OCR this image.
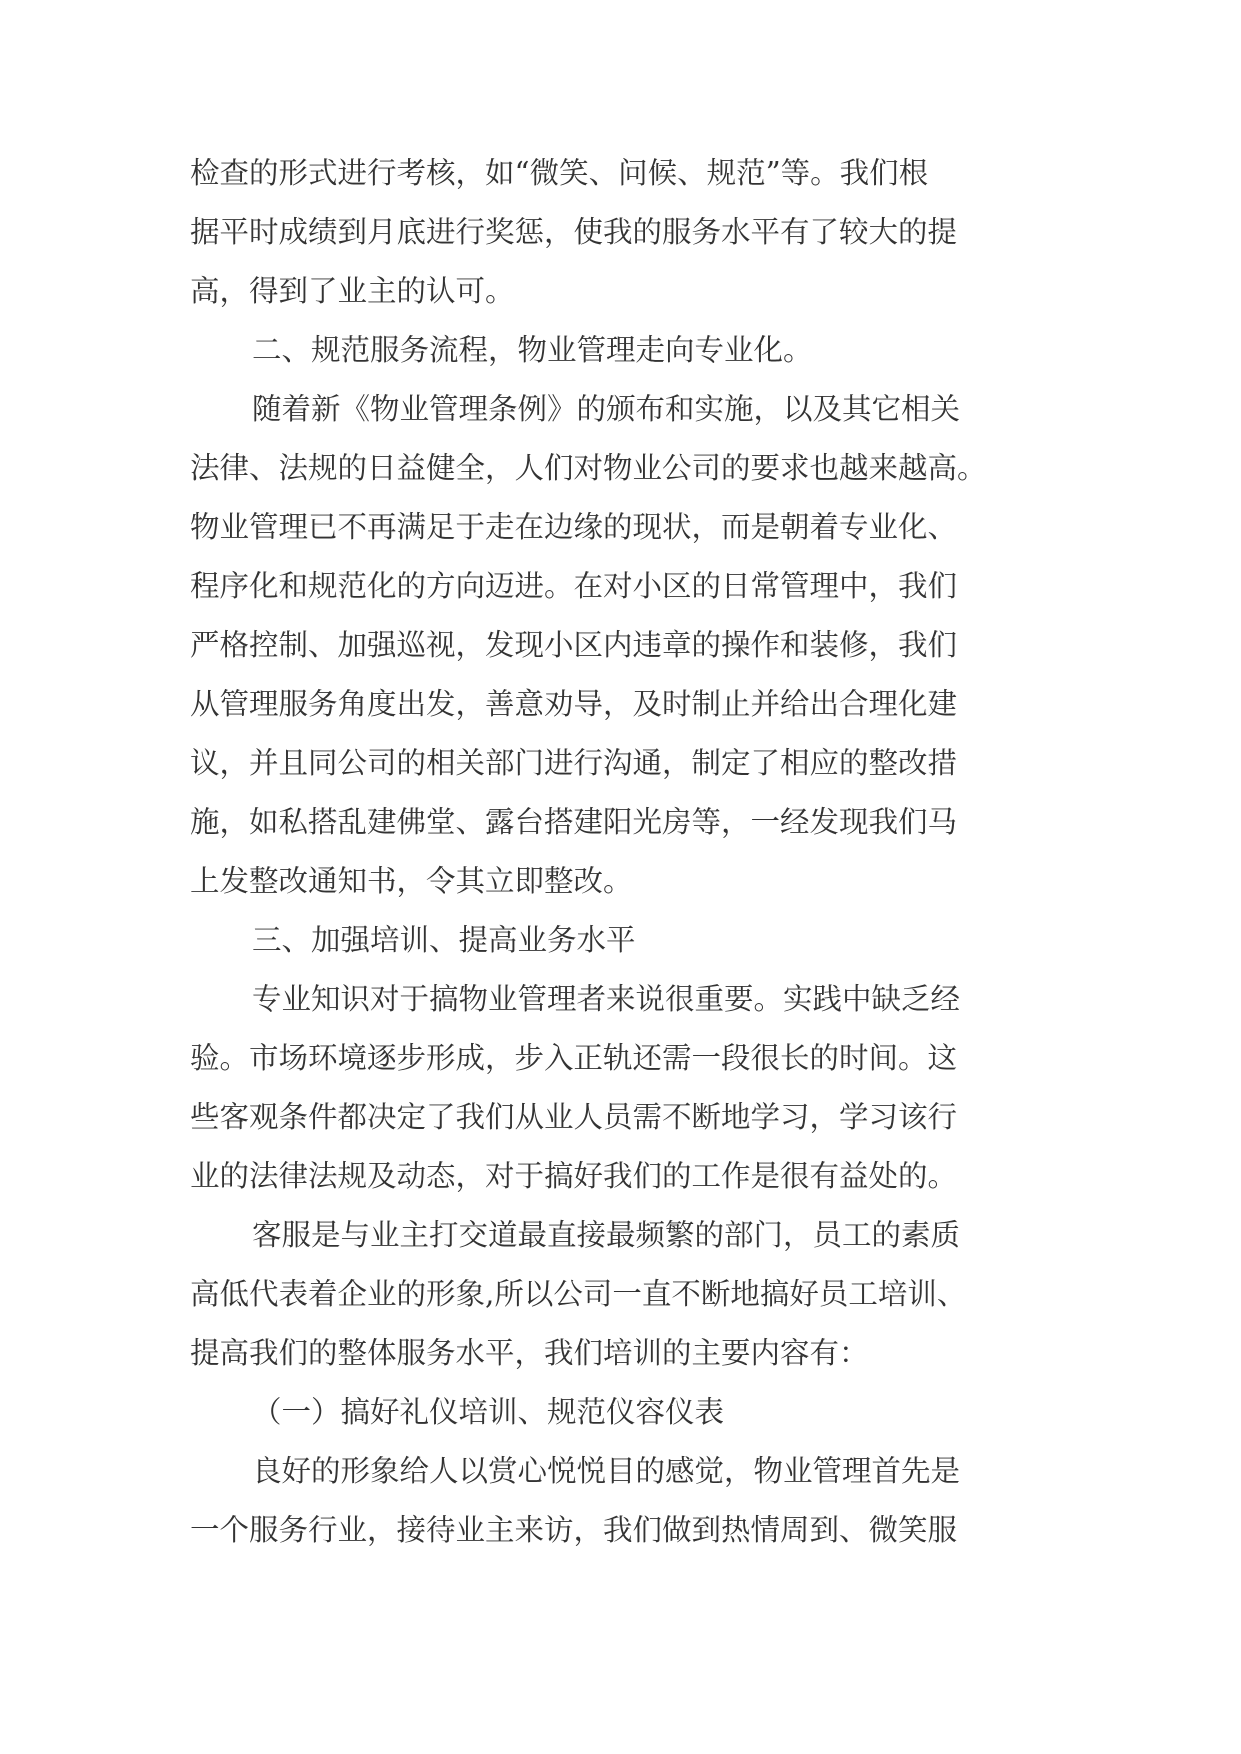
检查的形式进行考核，如“微笑、问候、规范”等。我们根
据平时成绩到月底进行奖惩，使我的服务水平有了较大的提
高，得到了业主的认可。
二、规范服务流程，物业管理走向专业化。
随着新《物业管理条例》的颁布和实施，以及其它相关
法律、法规的日益健全，人们对物业公司的要求也越来越高。
物业管理已不再满足于走在边缘的现状，而是朝着专业化、
程序化和规范化的方向迈进。在对小区的日常管理中，我们
严格控制、加强巡视，发现小区内违章的操作和装修，我们
从管理服务角度出发，善意劝导，及时制止并给出合理化建
议，并且同公司的相关部门进行沟通，制定了相应的整改措
施，如私搭乱建佛堂、露台搭建阳光房等，一经发现我们马
上发整改通知书，令其立即整改。
三、加强培训、提高业务水平
专业知识对于搞物业管理者来说很重要。实践中缺乏经
验。市场环境逐步形成，步入正轨还需一段很长的时间。这
些客观条件都决定了我们从业人员需不断地学习，学习该行
业的法律法规及动态，对于搞好我们的工作是很有益处的。
客服是与业主打交道最直接最频繁的部门，员工的素质
高低代表着企业的形象,所以公司一直不断地搞好员工培训、
提高我们的整体服务水平，我们培训的主要内容有：
（一）搞好礼仪培训、规范仪容仪表
良好的形象给人以赏心悦悦目的感觉，物业管理首先是
一个服务行业，接待业主来访，我们做到热情周到、微笑服
